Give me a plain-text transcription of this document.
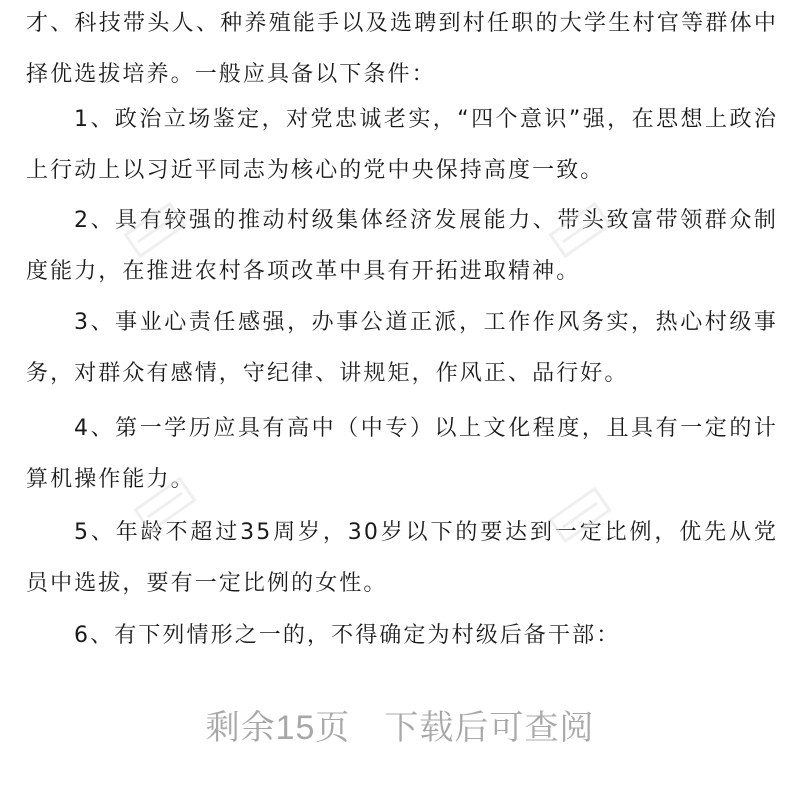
才、科技带头人、种养殖能手以及选聘到村任职的大学生村官等群体中择优选拔培养。一般应具备以下条件：

1、政治立场鉴定，对党忠诚老实，“四个意识”强，在思想上政治上行动上以习近平同志为核心的党中央保持高度一致。

2、具有较强的推动村级集体经济发展能力、带头致富带领群众制度能力，在推进农村各项改革中具有开拓进取精神。

3、事业心责任感强，办事公道正派，工作作风务实，热心村级事务，对群众有感情，守纪律、讲规矩，作风正、品行好。

4、第一学历应具有高中（中专）以上文化程度，且具有一定的计算机操作能力。

5、年龄不超过35周岁，30岁以下的要达到一定比例，优先从党员中选拔，要有一定比例的女性。

6、有下列情形之一的，不得确定为村级后备干部：

剩余15页 下载后可查阅
